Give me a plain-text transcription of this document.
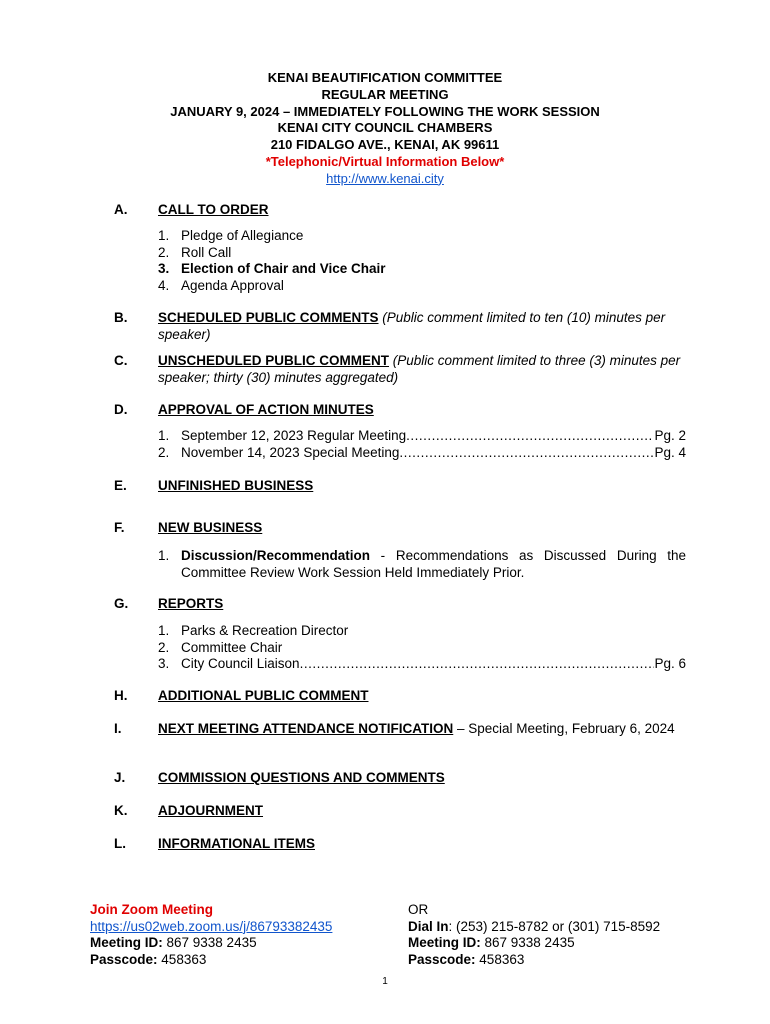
KENAI BEAUTIFICATION COMMITTEE
REGULAR MEETING
JANUARY 9, 2024 – IMMEDIATELY FOLLOWING THE WORK SESSION
KENAI CITY COUNCIL CHAMBERS
210 FIDALGO AVE., KENAI, AK 99611
*Telephonic/Virtual Information Below*
http://www.kenai.city
A. CALL TO ORDER
1. Pledge of Allegiance
2. Roll Call
3. Election of Chair and Vice Chair
4. Agenda Approval
B. SCHEDULED PUBLIC COMMENTS (Public comment limited to ten (10) minutes per speaker)
C. UNSCHEDULED PUBLIC COMMENT (Public comment limited to three (3) minutes per speaker; thirty (30) minutes aggregated)
D. APPROVAL OF ACTION MINUTES
1. September 12, 2023 Regular Meeting .....	Pg. 2
2. November 14, 2023 Special Meeting .....	Pg. 4
E. UNFINISHED BUSINESS
F. NEW BUSINESS
1. Discussion/Recommendation - Recommendations as Discussed During the Committee Review Work Session Held Immediately Prior.
G. REPORTS
1. Parks & Recreation Director
2. Committee Chair
3. City Council Liaison .....	Pg. 6
H. ADDITIONAL PUBLIC COMMENT
I.	NEXT MEETING ATTENDANCE NOTIFICATION – Special Meeting, February 6, 2024
J. COMMISSION QUESTIONS AND COMMENTS
K. ADJOURNMENT
L. INFORMATIONAL ITEMS
Join Zoom Meeting
https://us02web.zoom.us/j/86793382435
Meeting ID: 867 9338 2435
Passcode: 458363
OR
Dial In: (253) 215-8782 or (301) 715-8592
Meeting ID: 867 9338 2435
Passcode: 458363
1
